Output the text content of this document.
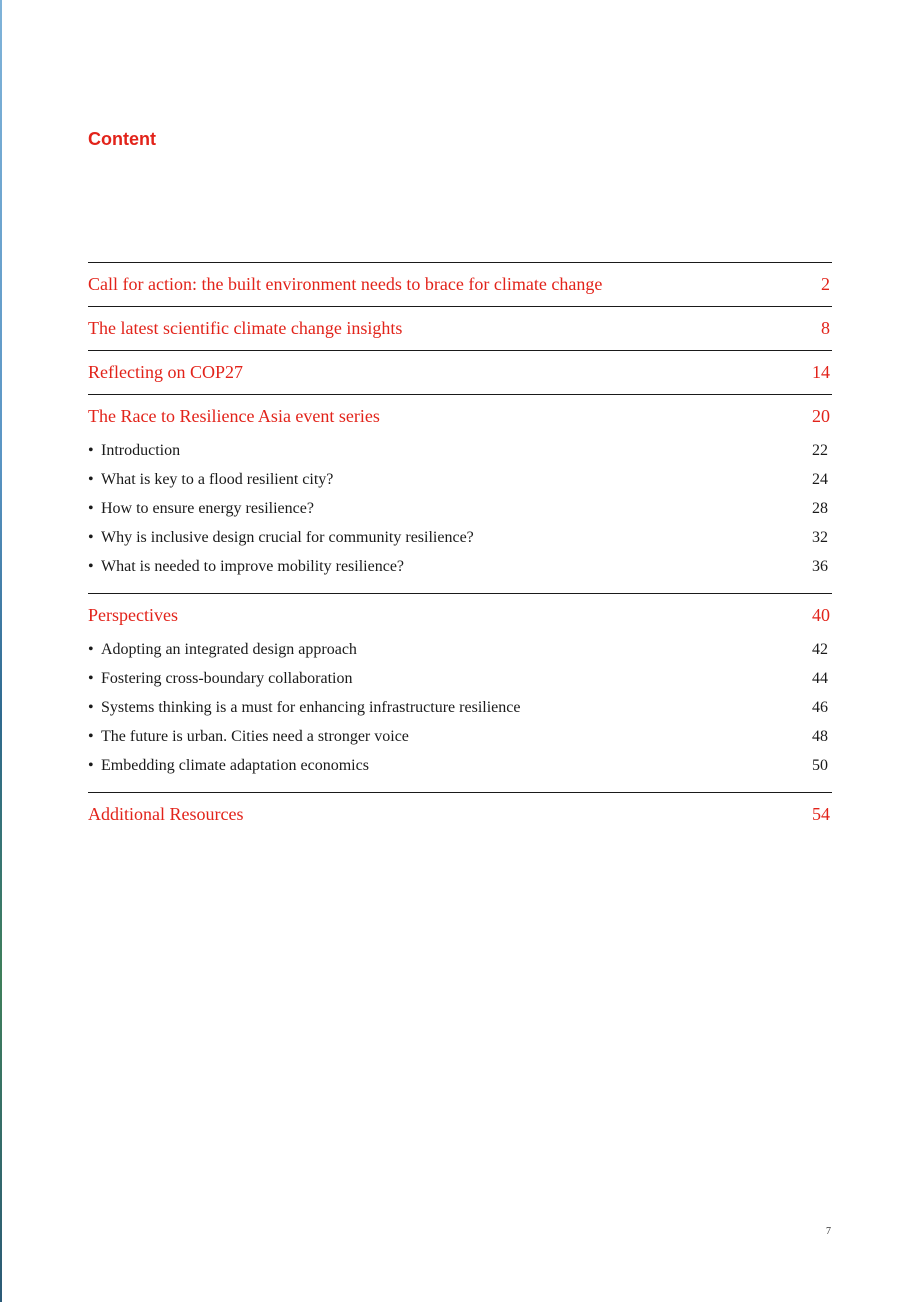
Content
Call for action: the built environment needs to brace for climate change	2
The latest scientific climate change insights	8
Reflecting on COP27	14
The Race to Resilience Asia event series	20
• Introduction	22
• What is key to a flood resilient city?	24
• How to ensure energy resilience?	28
• Why is inclusive design crucial for community resilience?	32
• What is needed to improve mobility resilience?	36
Perspectives	40
• Adopting an integrated design approach	42
• Fostering cross-boundary collaboration	44
• Systems thinking is a must for enhancing infrastructure resilience	46
• The future is urban. Cities need a stronger voice	48
• Embedding climate adaptation economics	50
Additional Resources	54
7
